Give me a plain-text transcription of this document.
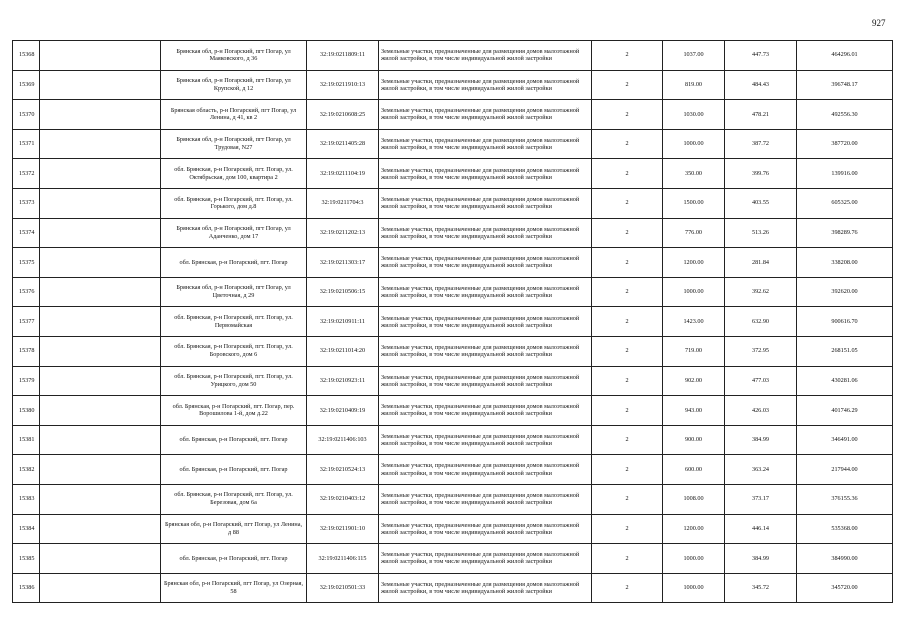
927
15368		Брянская обл, р-н Погарский, пгт Погар, ул Маяковского, д 36	32:19:0211809:11	Земельные участки, предназначенные для размещения домов малоэтажной жилой застройки, в том числе индивидуальной жилой застройки	2	1037.00	447.73	464296.01
15369		Брянская обл, р-н Погарский, пгт Погар, ул Крупской, д 12	32:19:0211910:13	Земельные участки, предназначенные для размещения домов малоэтажной жилой застройки, в том числе индивидуальной жилой застройки	2	819.00	484.43	396748.17
15370		Брянская область, р-н Погарский, пгт Погар, ул Ленина, д 41, кв 2	32:19:0210608:25	Земельные участки, предназначенные для размещения домов малоэтажной жилой застройки, в том числе индивидуальной жилой застройки	2	1030.00	478.21	492556.30
15371		Брянская обл, р-н Погарский, пгт Погар, ул Трудовая, N27	32:19:0211405:28	Земельные участки, предназначенные для размещения домов малоэтажной жилой застройки, в том числе индивидуальной жилой застройки	2	1000.00	387.72	387720.00
15372		обл. Брянская, р-н Погарский, пгт. Погар, ул. Октябрьская, дом 100, квартира 2	32:19:0211104:19	Земельные участки, предназначенные для размещения домов малоэтажной жилой застройки, в том числе индивидуальной жилой застройки	2	350.00	399.76	139916.00
15373		обл. Брянская, р-н Погарский, пгт. Погар, ул. Горького, дом д.8	32:19:0211704:3	Земельные участки, предназначенные для размещения домов малоэтажной жилой застройки, в том числе индивидуальной жилой застройки	2	1500.00	403.55	605325.00
15374		Брянская обл, р-н Погарский, пгт Погар, ул Аданченко, дом 17	32:19:0211202:13	Земельные участки, предназначенные для размещения домов малоэтажной жилой застройки, в том числе индивидуальной жилой застройки	2	776.00	513.26	398289.76
15375		обл. Брянская, р-н Погарский, пгт. Погар	32:19:0211303:17	Земельные участки, предназначенные для размещения домов малоэтажной жилой застройки, в том числе индивидуальной жилой застройки	2	1200.00	281.84	338208.00
15376		Брянская обл, р-н Погарский, пгт Погар, ул Цветочная, д 29	32:19:0210506:15	Земельные участки, предназначенные для размещения домов малоэтажной жилой застройки, в том числе индивидуальной жилой застройки	2	1000.00	392.62	392620.00
15377		обл. Брянская, р-н Погарский, пгт. Погар, ул. Первомайская	32:19:0210911:11	Земельные участки, предназначенные для размещения домов малоэтажной жилой застройки, в том числе индивидуальной жилой застройки	2	1423.00	632.90	900616.70
15378		обл. Брянская, р-н Погарский, пгт. Погар, ул. Боровского, дом 6	32:19:0211014:20	Земельные участки, предназначенные для размещения домов малоэтажной жилой застройки, в том числе индивидуальной жилой застройки	2	719.00	372.95	268151.05
15379		обл. Брянская, р-н Погарский, пгт. Погар, ул. Урицкого, дом 50	32:19:0210923:11	Земельные участки, предназначенные для размещения домов малоэтажной жилой застройки, в том числе индивидуальной жилой застройки	2	902.00	477.03	430281.06
15380		обл. Брянская, р-н Погарский, пгт. Погар, пер. Ворошилова 1-й, дом д.22	32:19:0210409:19	Земельные участки, предназначенные для размещения домов малоэтажной жилой застройки, в том числе индивидуальной жилой застройки	2	943.00	426.03	401746.29
15381		обл. Брянская, р-н Погарский, пгт. Погар	32:19:0211406:103	Земельные участки, предназначенные для размещения домов малоэтажной жилой застройки, в том числе индивидуальной жилой застройки	2	900.00	384.99	346491.00
15382		обл. Брянская, р-н Погарский, пгт. Погар	32:19:0210524:13	Земельные участки, предназначенные для размещения домов малоэтажной жилой застройки, в том числе индивидуальной жилой застройки	2	600.00	363.24	217944.00
15383		обл. Брянская, р-н Погарский, пгт. Погар, ул. Березовая, дом 6а	32:19:0210403:12	Земельные участки, предназначенные для размещения домов малоэтажной жилой застройки, в том числе индивидуальной жилой застройки	2	1008.00	373.17	376155.36
15384		Брянская обл, р-н Погарский, пгт Погар, ул Ленина, д 88	32:19:0211901:10	Земельные участки, предназначенные для размещения домов малоэтажной жилой застройки, в том числе индивидуальной жилой застройки	2	1200.00	446.14	535368.00
15385		обл. Брянская, р-н Погарский, пгт. Погар	32:19:0211406:115	Земельные участки, предназначенные для размещения домов малоэтажной жилой застройки, в том числе индивидуальной жилой застройки	2	1000.00	384.99	384990.00
15386		Брянская обл, р-н Погарский, пгт Погар, ул Озерная, 58	32:19:0210501:33	Земельные участки, предназначенные для размещения домов малоэтажной жилой застройки, в том числе индивидуальной жилой застройки	2	1000.00	345.72	345720.00
